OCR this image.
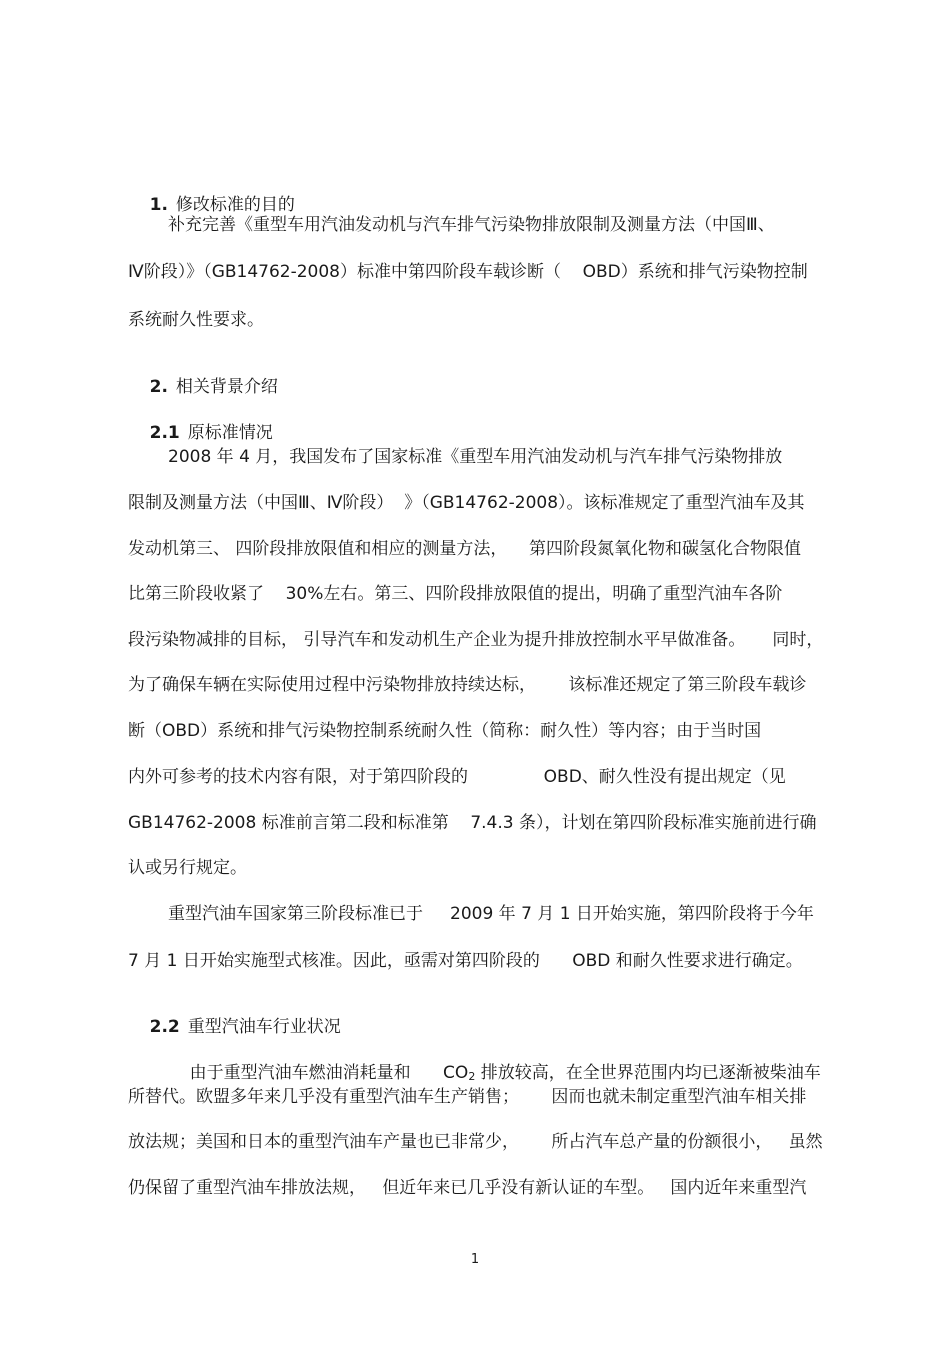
1. 修改标准的目的

补充完善《重型车用汽油发动机与汽车排气污染物排放限制及测量方法（中国Ⅲ、
Ⅳ阶段）》（GB14762-2008）标准中第四阶段车载诊断（    OBD）系统和排气污染物控制
系统耐久性要求。

2. 相关背景介绍

2.1 原标准情况

2008 年 4 月，我国发布了国家标准《重型车用汽油发动机与汽车排气污染物排放
限制及测量方法（中国Ⅲ、Ⅳ阶段）  》（GB14762-2008）。该标准规定了重型汽油车及其
发动机第三、 四阶段排放限值和相应的测量方法，    第四阶段氮氧化物和碳氢化合物限值
比第三阶段收紧了    30%左右。第三、四阶段排放限值的提出，明确了重型汽油车各阶
段污染物减排的目标， 引导汽车和发动机生产企业为提升排放控制水平早做准备。     同时，
为了确保车辆在实际使用过程中污染物排放持续达标，      该标准还规定了第三阶段车载诊
断（OBD）系统和排气污染物控制系统耐久性（简称：耐久性）等内容；由于当时国
内外可参考的技术内容有限，对于第四阶段的              OBD、耐久性没有提出规定（见
GB14762-2008 标准前言第二段和标准第    7.4.3 条），计划在第四阶段标准实施前进行确
认或另行规定。
重型汽油车国家第三阶段标准已于     2009 年 7 月 1 日开始实施，第四阶段将于今年
7 月 1 日开始实施型式核准。因此，亟需对第四阶段的      OBD 和耐久性要求进行确定。

2.2 重型汽油车行业状况

由于重型汽油车燃油消耗量和      $CO_2$ 排放较高，在全世界范围内均已逐渐被柴油车

所替代。欧盟多年来几乎没有重型汽油车生产销售；      因而也就未制定重型汽油车相关排
放法规；美国和日本的重型汽油车产量也已非常少，      所占汽车总产量的份额很小，   虽然
仍保留了重型汽油车排放法规，   但近年来已几乎没有新认证的车型。   国内近年来重型汽
1
